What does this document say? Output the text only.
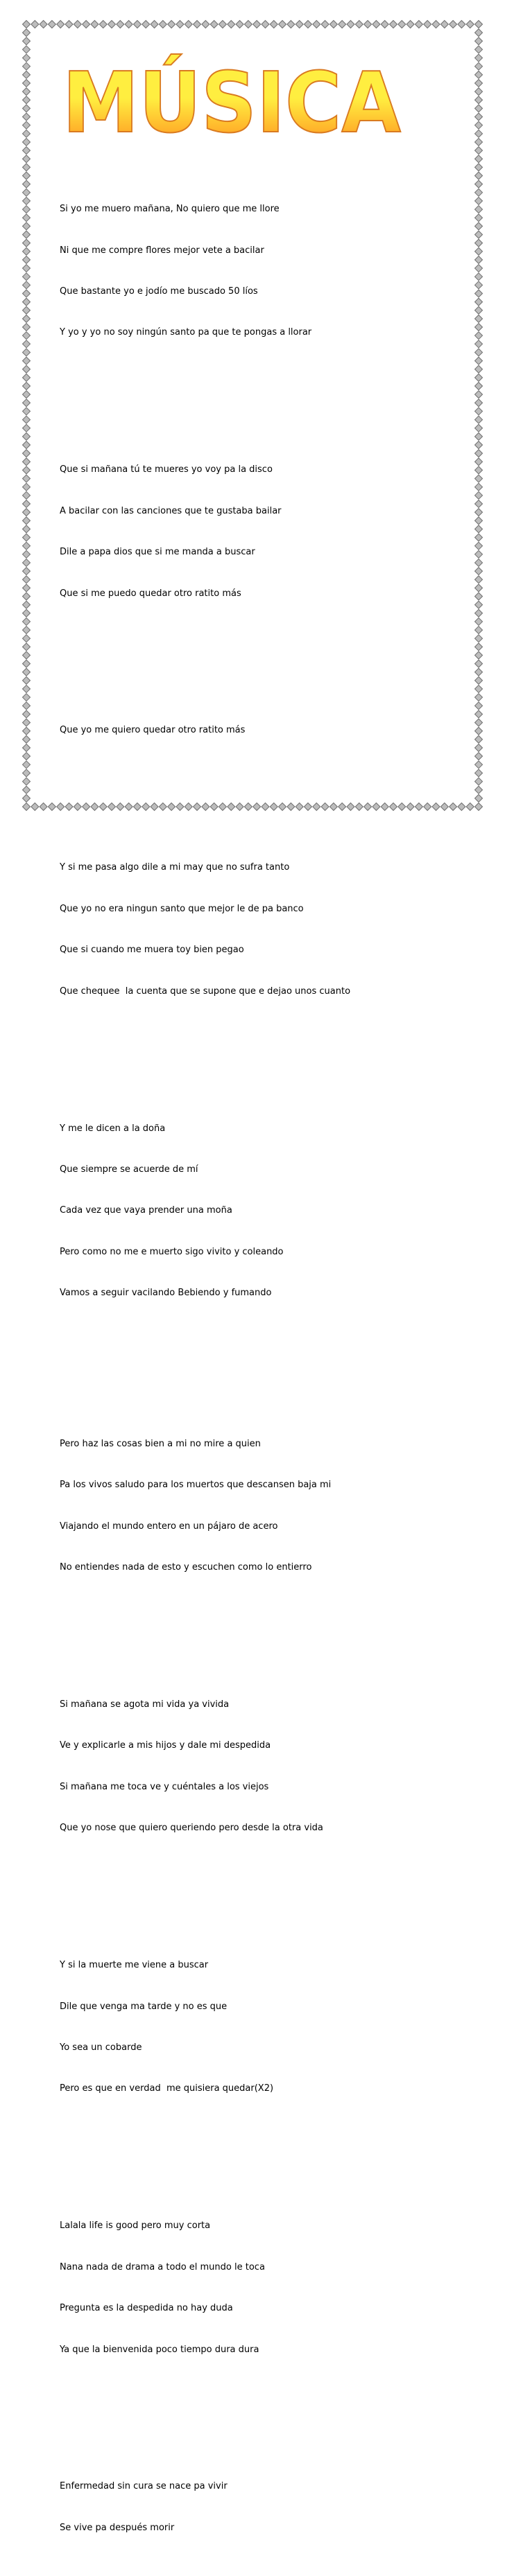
MÚSICA

Si yo me muero mañana, No quiero que me llore

Ni que me compre flores mejor vete a bacilar

Que bastante yo e jodío me buscado 50 líos

Y yo y yo no soy ningún santo pa que te pongas a llorar

Que si mañana tú te mueres yo voy pa la disco

A bacilar con las canciones que te gustaba bailar

Dile a papa dios que si me manda a buscar

Que si me puedo quedar otro ratito más

Que yo me quiero quedar otro ratito más

Y si me pasa algo dile a mi may que no sufra tanto

Que yo no era ningun santo que mejor le de pa banco

Que si cuando me muera toy bien pegao

Que chequee  la cuenta que se supone que e dejao unos cuanto

Y me le dicen a la doña

Que siempre se acuerde de mí

Cada vez que vaya prender una moña

Pero como no me e muerto sigo vivito y coleando

Vamos a seguir vacilando Bebiendo y fumando

Pero haz las cosas bien a mi no mire a quien

Pa los vivos saludo para los muertos que descansen baja mi

Viajando el mundo entero en un pájaro de acero

No entiendes nada de esto y escuchen como lo entierro

Si mañana se agota mi vida ya vivida

Ve y explicarle a mis hijos y dale mi despedida

Si mañana me toca ve y cuéntales a los viejos

Que yo nose que quiero queriendo pero desde la otra vida

Y si la muerte me viene a buscar

Dile que venga ma tarde y no es que

Yo sea un cobarde

Pero es que en verdad  me quisiera quedar(X2)

Lalala life is good pero muy corta

Nana nada de drama a todo el mundo le toca

Pregunta es la despedida no hay duda

Ya que la bienvenida poco tiempo dura dura

Enfermedad sin cura se nace pa vivir

Se vive pa después morir
